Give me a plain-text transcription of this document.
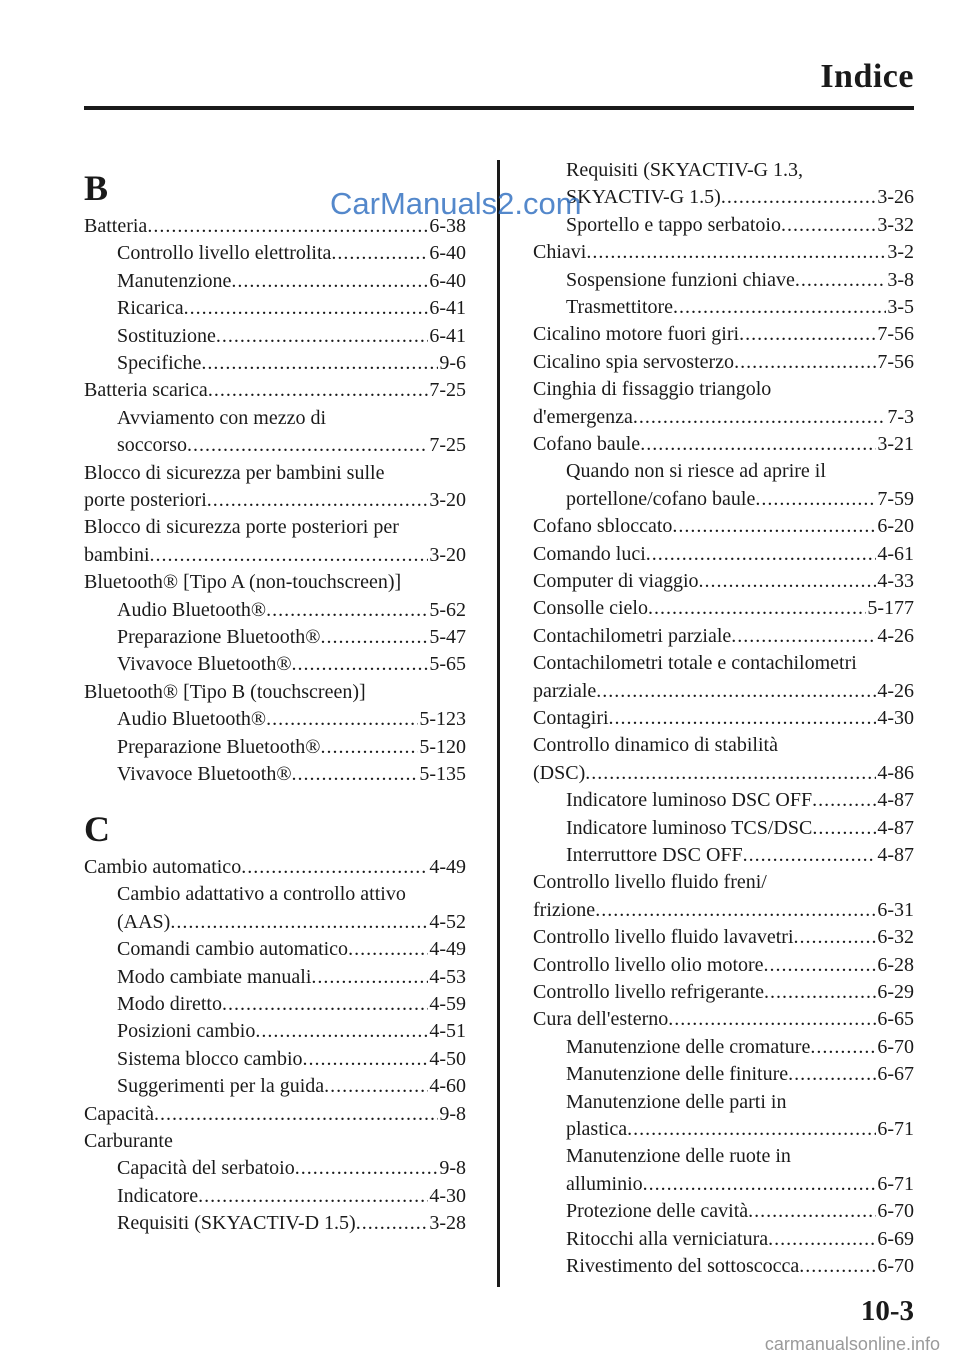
Indice
B
C
Batteria .....	6-38
Controllo livello elettrolita .....	6-40
Manutenzione .....	6-40
Ricarica .....	6-41
Sostituzione .....	6-41
Specifiche .....	9-6
Batteria scarica .....	7-25
Avviamento con mezzo di
soccorso .....	7-25
Blocco di sicurezza per bambini sulle
porte posteriori .....	3-20
Blocco di sicurezza porte posteriori per
bambini .....	3-20
Bluetooth® [Tipo A (non-touchscreen)]
Audio Bluetooth® .....	5-62
Preparazione Bluetooth® .....	5-47
Vivavoce Bluetooth® .....	5-65
Bluetooth® [Tipo B (touchscreen)]
Audio Bluetooth® .....	5-123
Preparazione Bluetooth® .....	5-120
Vivavoce Bluetooth® .....	5-135
Cambio automatico .....	4-49
Cambio adattativo a controllo attivo
(AAS) .....	4-52
Comandi cambio automatico .....	4-49
Modo cambiate manuali .....	4-53
Modo diretto .....	4-59
Posizioni cambio .....	4-51
Sistema blocco cambio .....	4-50
Suggerimenti per la guida .....	4-60
Capacità .....	9-8
Carburante
Capacità del serbatoio .....	9-8
Indicatore .....	4-30
Requisiti (SKYACTIV-D 1.5) .....	3-28
Requisiti (SKYACTIV-G 1.3,
SKYACTIV-G 1.5) .....	3-26
Sportello e tappo serbatoio .....	3-32
Chiavi .....	3-2
Sospensione funzioni chiave .....	3-8
Trasmettitore .....	3-5
Cicalino motore fuori giri .....	7-56
Cicalino spia servosterzo .....	7-56
Cinghia di fissaggio triangolo
d'emergenza .....	7-3
Cofano baule .....	3-21
Quando non si riesce ad aprire il
portellone/cofano baule .....	7-59
Cofano sbloccato .....	6-20
Comando luci .....	4-61
Computer di viaggio .....	4-33
Consolle cielo .....	5-177
Contachilometri parziale .....	4-26
Contachilometri totale e contachilometri
parziale .....	4-26
Contagiri .....	4-30
Controllo dinamico di stabilità
(DSC) .....	4-86
Indicatore luminoso DSC OFF .....	4-87
Indicatore luminoso TCS/DSC .....	4-87
Interruttore DSC OFF .....	4-87
Controllo livello fluido freni/
frizione .....	6-31
Controllo livello fluido lavavetri .....	6-32
Controllo livello olio motore .....	6-28
Controllo livello refrigerante .....	6-29
Cura dell'esterno .....	6-65
Manutenzione delle cromature .....	6-70
Manutenzione delle finiture .....	6-67
Manutenzione delle parti in
plastica .....	6-71
Manutenzione delle ruote in
alluminio .....	6-71
Protezione delle cavità .....	6-70
Ritocchi alla verniciatura .....	6-69
Rivestimento del sottoscocca .....	6-70
CarManuals2.com
10-3
carmanualsonline.info
